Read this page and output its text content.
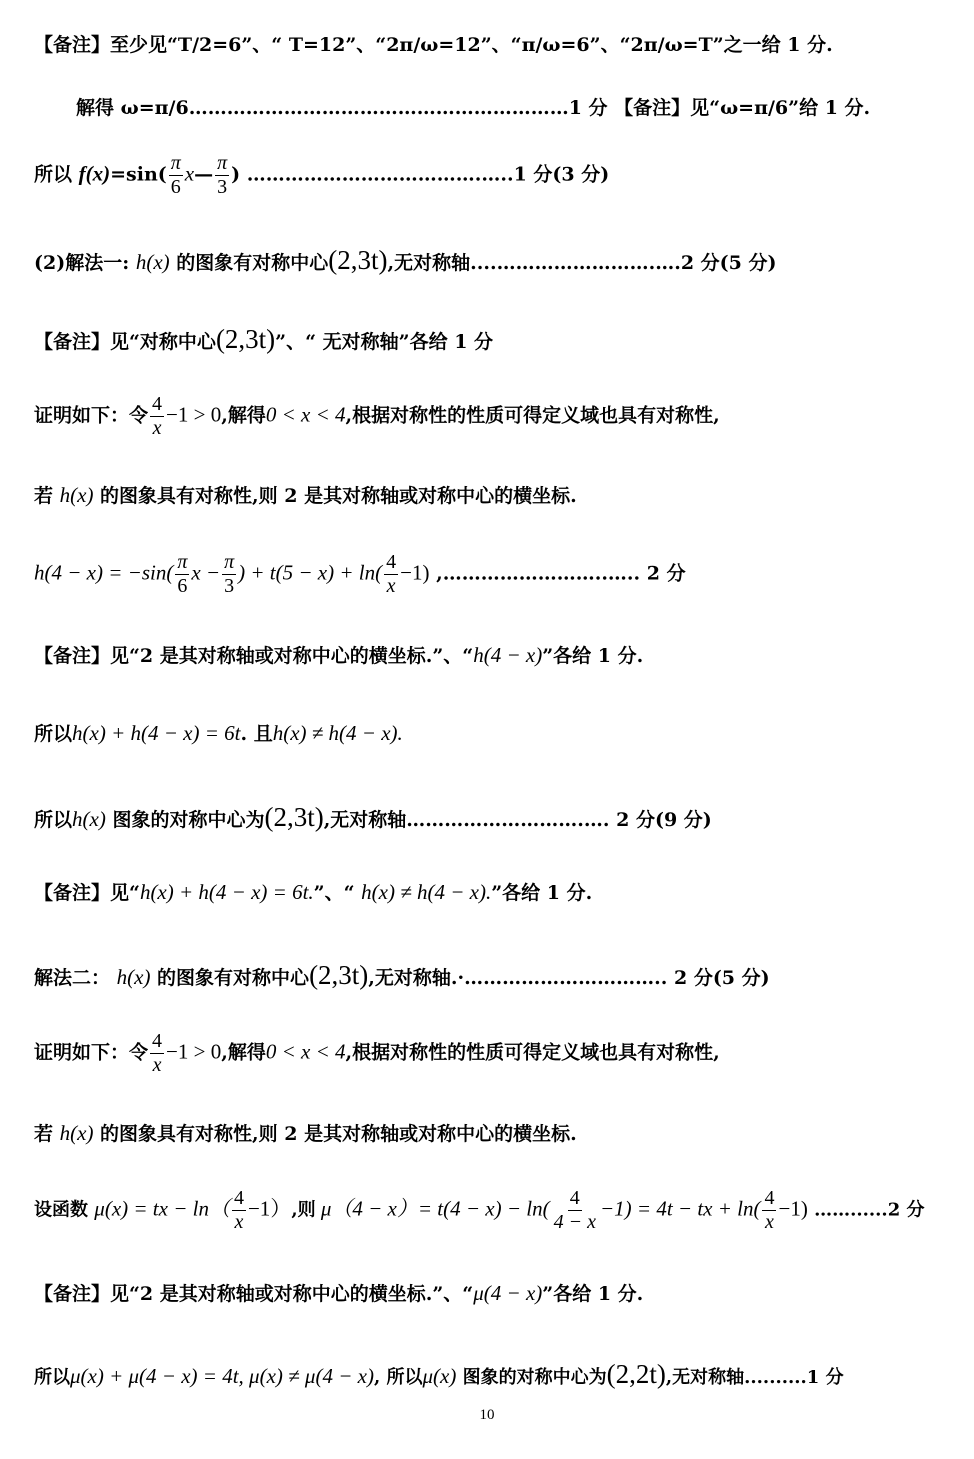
【备注】至少见“T/2=6”、“ T=12”、“2π/ω=12”、“π/ω=6”、“2π/ω=T”之一给 1 分.
解得 ω=π/6……………………………………………………1 分 【备注】见“ω=π/6”给 1 分.
所以 $f(x)=\sin( \frac{\pi}{6}$ x— $\frac{\pi}{3}$ ) ……………………………….…..1 分(3 分)
(2)解法一: h(x) 的图象有对称中心(2,3t),无对称轴....…………………….….2 分(5 分)
【备注】见“对称中心(2,3t)”、“ 无对称轴”各给 1 分
证明如下：令 $\frac{4}{x} -1 > 0$,解得0 < x < 4,根据对称性的性质可得定义域也具有对称性,
若 h(x) 的图象具有对称性,则 2 是其对称轴或对称中心的横坐标.
$h(4 - x) = -\sin( \frac{\pi}{6}$ $x - \frac{\pi}{3}$ ) + $t(5 - x) + \ln( \frac{4}{x} -1)$ ,……………………..….. 2 分
【备注】见“2 是其对称轴或对称中心的横坐标.”、“h(4 − x)”各给 1 分.
所以h(x) + h(4 − x) = 6t. 且h(x) ≠ h(4 − x).
所以h(x) 图象的对称中心为(2,3t),无对称轴……………………….…. 2 分(9 分)
【备注】见“h(x) + h(4 − x) = 6t.”、“ h(x) ≠ h(4 − x).”各给 1 分.
解法二： h(x) 的图象有对称中心(2,3t),无对称轴.·………………………….. 2 分(5 分)
证明如下：令 $\frac{4}{x} -1 > 0$,解得0 < x < 4,根据对称性的性质可得定义域也具有对称性,
若 h(x) 的图象具有对称性,则 2 是其对称轴或对称中心的横坐标.
设函数 μ(x) = tx − $\ln( \frac{4}{x} -1)$,则 $\mu(4 - x)= t(4 - x) - \ln( \frac{4}{4 - x} -1) = 4t$ − tx + $\ln( \frac{4}{x} -1)$ ……......2 分
【备注】见“2 是其对称轴或对称中心的横坐标.”、“μ(4 − x)”各给 1 分.
所以μ(x) + μ(4 − x) = 4t, μ(x) ≠ μ(4 − x), 所以μ(x) 图象的对称中心为(2,2t),无对称轴..........1 分
10
